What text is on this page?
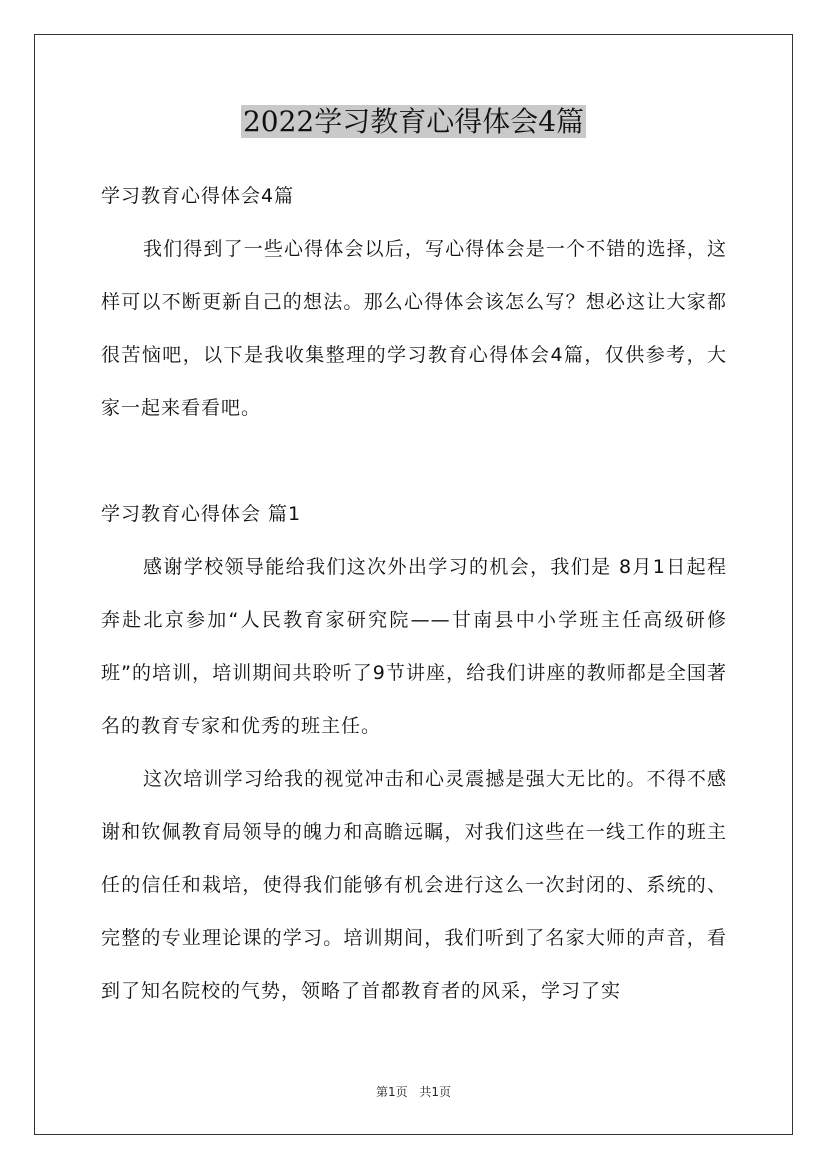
2022学习教育心得体会4篇

学习教育心得体会4篇

我们得到了一些心得体会以后，写心得体会是一个不错的选择，这样可以不断更新自己的想法。那么心得体会该怎么写？想必这让大家都很苦恼吧，以下是我收集整理的学习教育心得体会4篇，仅供参考，大家一起来看看吧。

学习教育心得体会 篇1

感谢学校领导能给我们这次外出学习的机会，我们是 8月1日起程奔赴北京参加“人民教育家研究院——甘南县中小学班主任高级研修班”的培训，培训期间共聆听了9节讲座，给我们讲座的教师都是全国著名的教育专家和优秀的班主任。

这次培训学习给我的视觉冲击和心灵震撼是强大无比的。不得不感谢和钦佩教育局领导的魄力和高瞻远瞩，对我们这些在一线工作的班主任的信任和栽培，使得我们能够有机会进行这么一次封闭的、系统的、完整的专业理论课的学习。培训期间，我们听到了名家大师的声音，看到了知名院校的气势，领略了首都教育者的风采，学习了实

第1页 共1页
